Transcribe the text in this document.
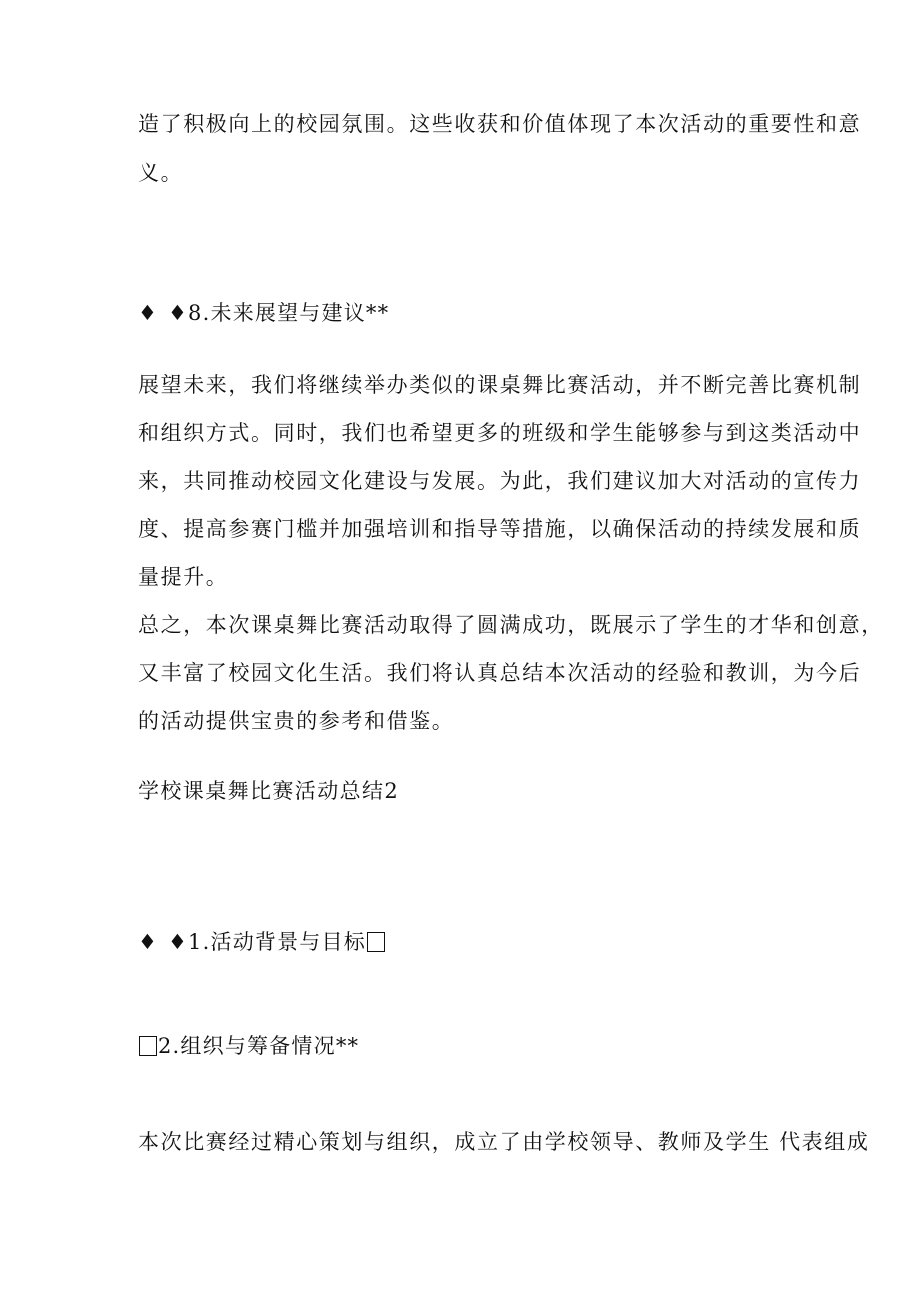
造了积极向上的校园氛围。这些收获和价值体现了本次活动的重要性和意
义。
♦ ♦8.未来展望与建议**
展望未来，我们将继续举办类似的课桌舞比赛活动，并不断完善比赛机制
和组织方式。同时，我们也希望更多的班级和学生能够参与到这类活动中
来，共同推动校园文化建设与发展。为此，我们建议加大对活动的宣传力
度、提高参赛门槛并加强培训和指导等措施，以确保活动的持续发展和质
量提升。
总之，本次课桌舞比赛活动取得了圆满成功，既展示了学生的才华和创意，
又丰富了校园文化生活。我们将认真总结本次活动的经验和教训，为今后
的活动提供宝贵的参考和借鉴。
学校课桌舞比赛活动总结2
♦ ♦1.活动背景与目标
2.组织与筹备情况**
本次比赛经过精心策划与组织，成立了由学校领导、教师及学生 代表组成
